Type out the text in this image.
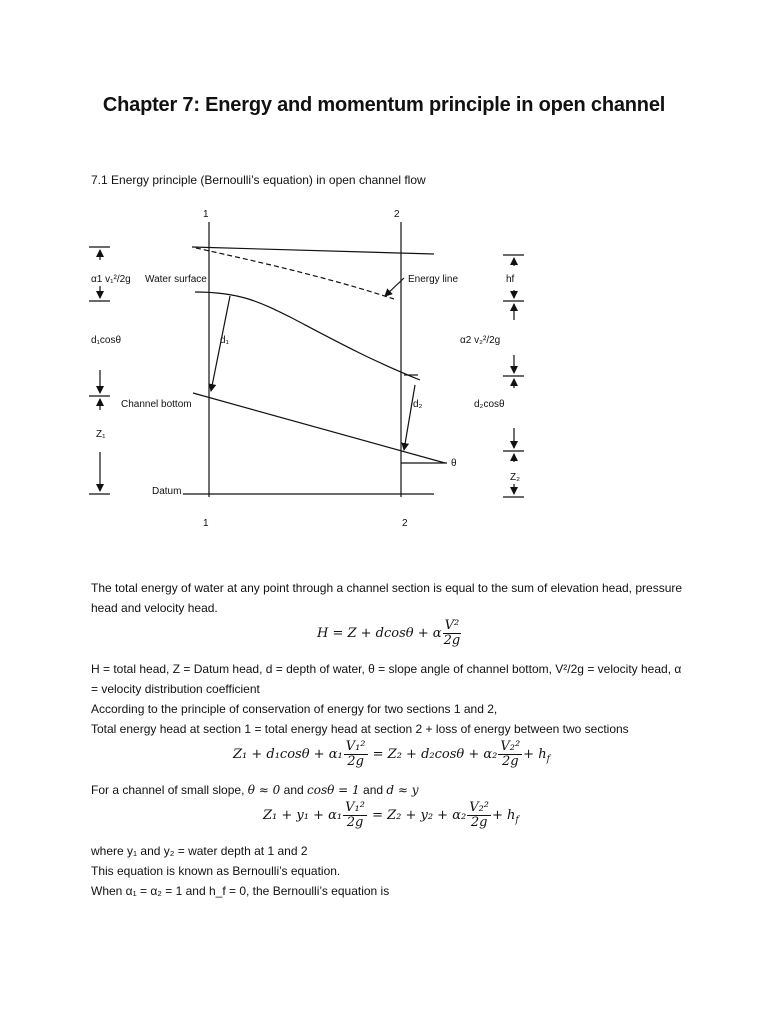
Chapter 7: Energy and momentum principle in open channel
7.1 Energy principle (Bernoulli’s equation) in open channel flow
1	2
1	2
α1 v₁²/2g Water surface	Energy line	hf
d₁cosθ	d₁	α2 v₂²/2g
Channel bottom	d₂	d₂cosθ
Z₁
θ
Datum
Z₂
The total energy of water at any point through a channel section is equal to the sum of elevation head, pressure head and velocity head.
H = Z + dcosθ + α $\frac{\text{V²}}{2g}$
H = total head, Z = Datum head, d = depth of water, θ = slope angle of channel bottom, V²/2g = velocity head, α = velocity distribution coefficient
According to the principle of conservation of energy for two sections 1 and 2,
Total energy head at section 1 = total energy head at section 2 + loss of energy between two sections
$Z_1 + d_1\cos\theta + \alpha_1 \frac{\text{V₁²}}{2g} = Z_2 + d_2\cos\theta + \alpha_2 \frac{\text{V₂²}}{2g} + h_f$
For a channel of small slope, θ ≈ 0 and cosθ = 1 and d ≈ y
$Z_1 + y_1 + \alpha_1 \frac{\text{V₁²}}{2g} = Z_2 + y_2 + \alpha_2 \frac{\text{V₂²}}{2g} + h_f$
where y₁ and y₂ = water depth at 1 and 2
This equation is known as Bernoulli’s equation.
When α₁ = α₂ = 1 and h_f = 0, the Bernoulli’s equation is
